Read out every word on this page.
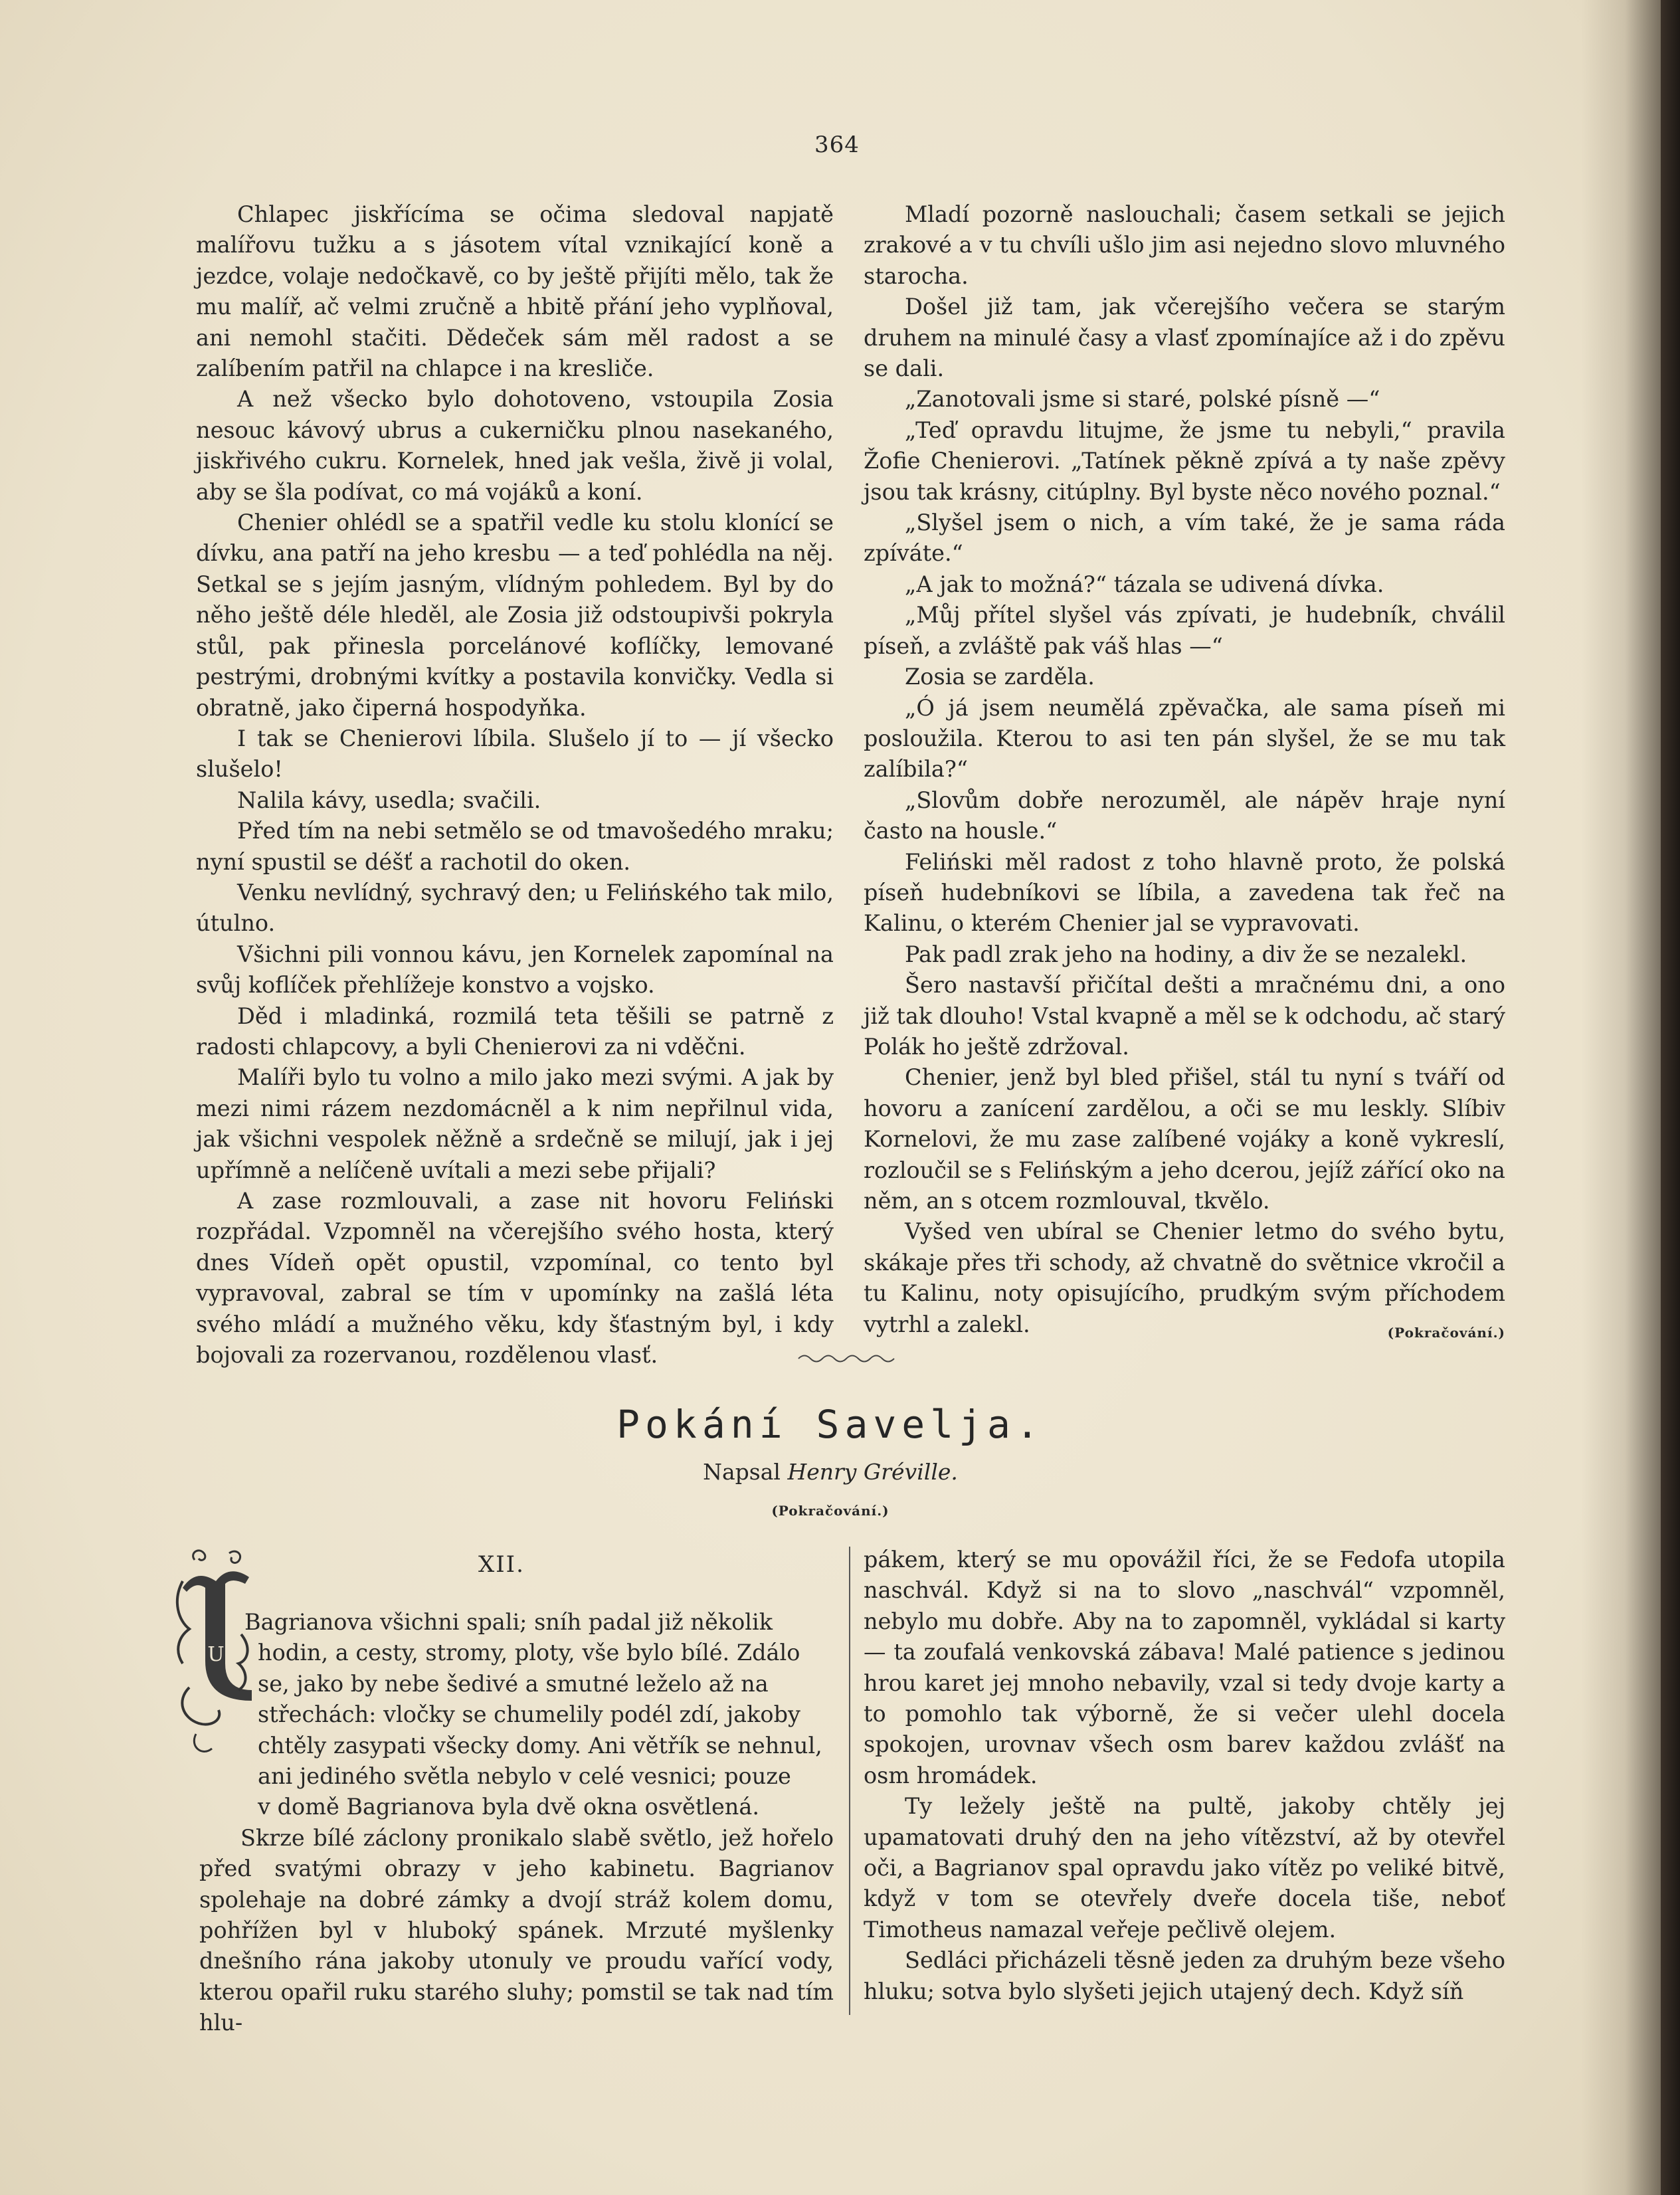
364

Chlapec jiskřícíma se očima sledoval napjatě malířovu tužku a s jásotem vítal vznikající koně a jezdce, volaje nedočkavě, co by ještě přijíti mělo, tak že mu malíř, ač velmi zručně a hbitě přání jeho vyplňoval, ani nemohl stačiti. Dědeček sám měl radost a se zalíbením patřil na chlapce i na kresliče.

A než všecko bylo dohotoveno, vstoupila Zosia nesouc kávový ubrus a cukerničku plnou nasekaného, jiskřivého cukru. Kornelek, hned jak vešla, živě ji volal, aby se šla podívat, co má vojáků a koní.

Chenier ohlédl se a spatřil vedle ku stolu klonící se dívku, ana patří na jeho kresbu — a teď pohlédla na něj. Setkal se s jejím jasným, vlídným pohledem. Byl by do něho ještě déle hleděl, ale Zosia již odstoupivši pokryla stůl, pak přinesla porcelánové koflíčky, lemované pestrými, drobnými kvítky a postavila konvičky. Vedla si obratně, jako čiperná hospodyňka.

I tak se Chenierovi líbila. Slušelo jí to — jí všecko slušelo!

Nalila kávy, usedla; svačili.

Před tím na nebi setmělo se od tmavošedého mraku; nyní spustil se déšť a rachotil do oken.

Venku nevlídný, sychravý den; u Felińského tak milo, útulno.

Všichni pili vonnou kávu, jen Kornelek zapomínal na svůj koflíček přehlížeje konstvo a vojsko.

Děd i mladinká, rozmilá teta těšili se patrně z radosti chlapcovy, a byli Chenierovi za ni vděčni.

Malíři bylo tu volno a milo jako mezi svými. A jak by mezi nimi rázem nezdomácněl a k nim nepřilnul vida, jak všichni vespolek něžně a srdečně se milují, jak i jej upřímně a nelíčeně uvítali a mezi sebe přijali?

A zase rozmlouvali, a zase nit hovoru Feliński rozpřádal. Vzpomněl na včerejšího svého hosta, který dnes Vídeň opět opustil, vzpomínal, co tento byl vypravoval, zabral se tím v upomínky na zašlá léta svého mládí a mužného věku, kdy šťastným byl, i kdy bojovali za rozervanou, rozdělenou vlasť.

Mladí pozorně naslouchali; časem setkali se jejich zrakové a v tu chvíli ušlo jim asi nejedno slovo mluvného starocha.

Došel již tam, jak včerejšího večera se starým druhem na minulé časy a vlasť zpomínajíce až i do zpěvu se dali.

„Zanotovali jsme si staré, polské písně —“

„Teď opravdu litujme, že jsme tu nebyli,“ pravila Žofie Chenierovi. „Tatínek pěkně zpívá a ty naše zpěvy jsou tak krásny, citúplny. Byl byste něco nového poznal.“

„Slyšel jsem o nich, a vím také, že je sama ráda zpíváte.“

„A jak to možná?“ tázala se udivená dívka.

„Můj přítel slyšel vás zpívati, je hudebník, chválil píseň, a zvláště pak váš hlas —“

Zosia se zarděla.

„Ó já jsem neumělá zpěvačka, ale sama píseň mi posloužila. Kterou to asi ten pán slyšel, že se mu tak zalíbila?“

„Slovům dobře nerozuměl, ale nápěv hraje nyní často na housle.“

Feliński měl radost z toho hlavně proto, že polská píseň hudebníkovi se líbila, a zavedena tak řeč na Kalinu, o kterém Chenier jal se vypravovati.

Pak padl zrak jeho na hodiny, a div že se nezalekl.

Šero nastavší přičítal dešti a mračnému dni, a ono již tak dlouho! Vstal kvapně a měl se k odchodu, ač starý Polák ho ještě zdržoval.

Chenier, jenž byl bled přišel, stál tu nyní s tváří od hovoru a zanícení zardělou, a oči se mu leskly. Slíbiv Kornelovi, že mu zase zalíbené vojáky a koně vykreslí, rozloučil se s Felińským a jeho dcerou, jejíž zářící oko na něm, an s otcem rozmlouval, tkvělo.

Vyšed ven ubíral se Chenier letmo do svého bytu, skákaje přes tři schody, až chvatně do světnice vkročil a tu Kalinu, noty opisujícího, prudkým svým příchodem vytrhl a zalekl.	(Pokračování.)

Pokání Savelja.
Napsal Henry Gréville.
(Pokračování.)
XII.
U
Bagrianova všichni spali; sníh padal již několik
hodin, a cesty, stromy, ploty, vše bylo bílé. Zdálo
se, jako by nebe šedivé a smutné leželo až na
střechách: vločky se chumelily podél zdí, jakoby
chtěly zasypati všecky domy. Ani větřík se nehnul,
ani jediného světla nebylo v celé vesnici; pouze
v domě Bagrianova byla dvě okna osvětlená.

Skrze bílé záclony pronikalo slabě světlo, jež hořelo před svatými obrazy v jeho kabinetu. Bagrianov spolehaje na dobré zámky a dvojí stráž kolem domu, pohřížen byl v hluboký spánek. Mrzuté myšlenky dnešního rána jakoby utonuly ve proudu vařící vody, kterou opařil ruku starého sluhy; pomstil se tak nad tím hlu-

pákem, který se mu opovážil říci, že se Fedofa utopila naschvál. Když si na to slovo „naschvál“ vzpomněl, nebylo mu dobře. Aby na to zapomněl, vykládal si karty — ta zoufalá venkovská zábava! Malé patience s jedinou hrou karet jej mnoho nebavily, vzal si tedy dvoje karty a to pomohlo tak výborně, že si večer ulehl docela spokojen, urovnav všech osm barev každou zvlášť na osm hromádek.

Ty ležely ještě na pultě, jakoby chtěly jej upamatovati druhý den na jeho vítězství, až by otevřel oči, a Bagrianov spal opravdu jako vítěz po veliké bitvě, když v tom se otevřely dveře docela tiše, neboť Timotheus namazal veřeje pečlivě olejem.

Sedláci přicházeli těsně jeden za druhým beze všeho hluku; sotva bylo slyšeti jejich utajený dech. Když síň
